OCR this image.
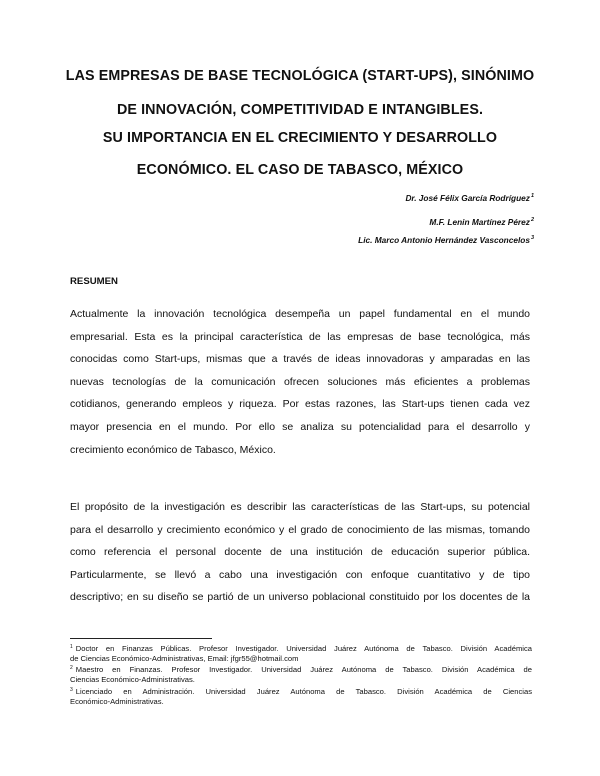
LAS EMPRESAS DE BASE TECNOLÓGICA (START-UPS), SINÓNIMO
DE INNOVACIÓN, COMPETITIVIDAD E INTANGIBLES.
SU IMPORTANCIA EN EL CRECIMIENTO Y DESARROLLO
ECONÓMICO. EL CASO DE TABASCO, MÉXICO
Dr. José Félix García Rodríguez$^1$
M.F. Lenin Martínez Pérez$^2$
Lic. Marco Antonio Hernández Vasconcelos$^3$
RESUMEN
Actualmente la innovación tecnológica desempeña un papel fundamental en el mundo
empresarial. Esta es la principal característica de las empresas de base tecnológica, más
conocidas como Start-ups, mismas que a través de ideas innovadoras y amparadas en las
nuevas tecnologías de la comunicación ofrecen soluciones más eficientes a problemas
cotidianos, generando empleos y riqueza. Por estas razones, las Start-ups tienen cada vez
mayor presencia en el mundo. Por ello se analiza su potencialidad para el desarrollo y
crecimiento económico de Tabasco, México.
El propósito de la investigación es describir las características de las Start-ups, su potencial
para el desarrollo y crecimiento económico y el grado de conocimiento de las mismas, tomando
como referencia el personal docente de una institución de educación superior pública.
Particularmente, se llevó a cabo una investigación con enfoque cuantitativo y de tipo
descriptivo; en su diseño se partió de un universo poblacional constituido por los docentes de la
$^1$ Doctor en Finanzas Públicas. Profesor Investigador. Universidad Juárez Autónoma de Tabasco. División Académica
de Ciencias Económico-Administrativas, Email: jfgr55@hotmail.com
$^2$ Maestro en Finanzas. Profesor Investigador. Universidad Juárez Autónoma de Tabasco. División Académica de
Ciencias Económico-Administrativas.
$^3$ Licenciado en Administración. Universidad Juárez Autónoma de Tabasco. División Académica de Ciencias
Económico-Administrativas.
